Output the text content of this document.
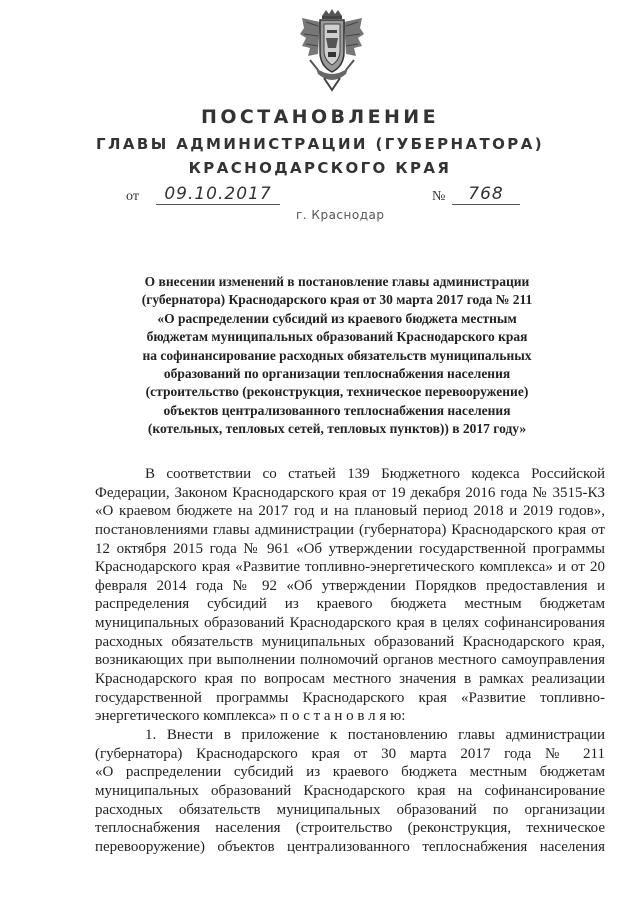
ПОСТАНОВЛЕНИЕ
ГЛАВЫ АДМИНИСТРАЦИИ (ГУБЕРНАТОРА)
КРАСНОДАРСКОГО КРАЯ
от	09.10.2017	№	768
г. Краснодар
О внесении изменений в постановление главы администрации
(губернатора) Краснодарского края от 30 марта 2017 года № 211
«О распределении субсидий из краевого бюджета местным
бюджетам муниципальных образований Краснодарского края
на софинансирование расходных обязательств муниципальных
образований по организации теплоснабжения населения
(строительство (реконструкция, техническое перевооружение)
объектов централизованного теплоснабжения населения
(котельных, тепловых сетей, тепловых пунктов)) в 2017 году»
В соответствии со статьей 139 Бюджетного кодекса Российской
Федерации, Законом Краснодарского края от 19 декабря 2016 года № 3515-КЗ
«О краевом бюджете на 2017 год и на плановый период 2018 и 2019 годов»,
постановлениями главы администрации (губернатора) Краснодарского края от
12 октября 2015 года № 961 «Об утверждении государственной программы
Краснодарского края «Развитие топливно-энергетического комплекса» и от 20
февраля 2014 года № 92 «Об утверждении Порядков предоставления и
распределения субсидий из краевого бюджета местным бюджетам
муниципальных образований Краснодарского края в целях софинансирования
расходных обязательств муниципальных образований Краснодарского края,
возникающих при выполнении полномочий органов местного самоуправления
Краснодарского края по вопросам местного значения в рамках реализации
государственной программы Краснодарского края «Развитие топливно-
энергетического комплекса» п о с т а н о в л я ю:
1. Внести в приложение к постановлению главы администрации
(губернатора) Краснодарского края от 30 марта 2017 года № 211
«О распределении субсидий из краевого бюджета местным бюджетам
муниципальных образований Краснодарского края на софинансирование
расходных обязательств муниципальных образований по организации
теплоснабжения населения (строительство (реконструкция, техническое
перевооружение) объектов централизованного теплоснабжения населения
